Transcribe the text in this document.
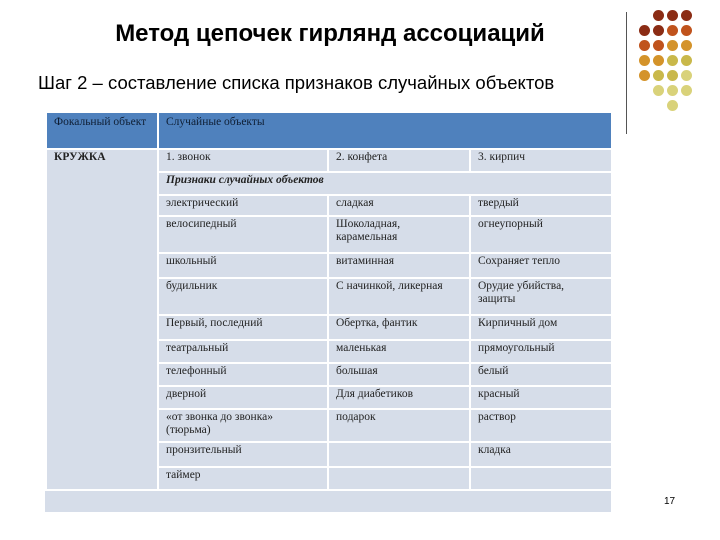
Метод цепочек гирлянд ассоциаций
Шаг 2 – составление списка признаков случайных объектов
Фокальный объект	Случайные объекты		
КРУЖКА	1. звонок	2. конфета	3. кирпич
	Признаки случайных объектов		
	электрический	сладкая	твердый
	велосипедный	Шоколадная, карамельная	огнеупорный
	школьный	витаминная	Сохраняет тепло
	будильник	С начинкой, ликерная	Орудие убийства, защиты
	Первый, последний	Обертка, фантик	Кирпичный дом
	театральный	маленькая	прямоугольный
	телефонный	большая	белый
	дверной	Для диабетиков	красный
	«от звонка до звонка» (тюрьма)	подарок	раствор
	пронзительный		кладка
	таймер		
17
